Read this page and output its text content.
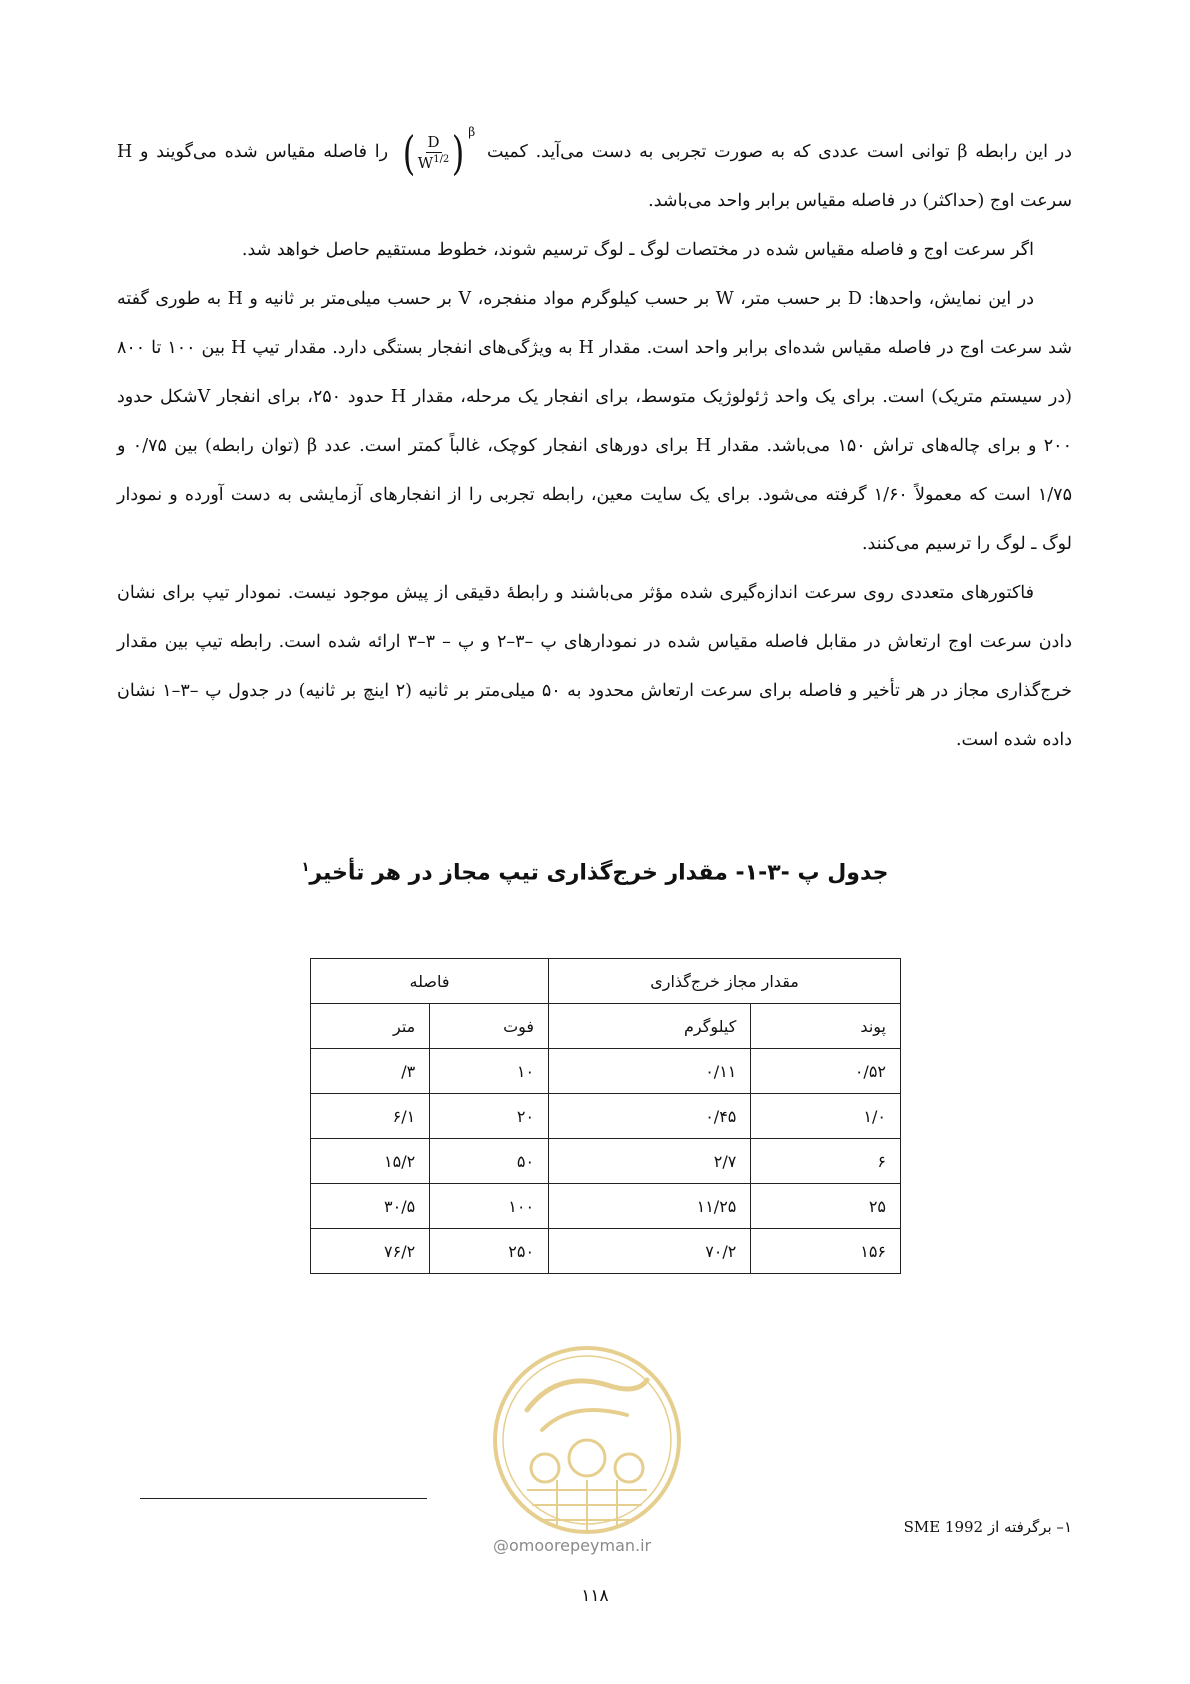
در این رابطه β توانی است عددی که به صورت تجربی به دست می‌آید. کمیت
( $\frac{D}{W^{1/2}}$ ) β
را فاصله مقیاس شده می‌گویند و H سرعت اوج (حداکثر) در فاصله مقیاس برابر واحد می‌باشد.

اگر سرعت اوج و فاصله مقیاس شده در مختصات لوگ ـ لوگ ترسیم شوند، خطوط مستقیم حاصل خواهد شد.

در این نمایش، واحدها: D بر حسب متر، W بر حسب کیلوگرم مواد منفجره، V بر حسب میلی‌متر بر ثانیه و H به طوری گفته شد سرعت اوج در فاصله مقیاس شده‌ای برابر واحد است. مقدار H به ویژگی‌های انفجار بستگی دارد. مقدار تیپ H بین ۱۰۰ تا ۸۰۰ (در سیستم متریک) است. برای یک واحد ژئولوژیک متوسط، برای انفجار یک مرحله، مقدار H حدود ۲۵۰، برای انفجار Vشکل حدود ۲۰۰ و برای چاله‌های تراش ۱۵۰ می‌باشد. مقدار H برای دورهای انفجار کوچک، غالباً کمتر است. عدد β (توان رابطه) بین ۰/۷۵ و ۱/۷۵ است که معمولاً ۱/۶۰ گرفته می‌شود. برای یک سایت معین، رابطه تجربی را از انفجارهای آزمایشی به دست آورده و نمودار لوگ ـ لوگ را ترسیم می‌کنند.

فاکتورهای متعددی روی سرعت اندازه‌گیری شده مؤثر می‌باشند و رابطهٔ دقیقی از پیش موجود نیست. نمودار تیپ برای نشان دادن سرعت اوج ارتعاش در مقابل فاصله مقیاس شده در نمودارهای پ –۳–۲ و پ – ۳–۳ ارائه شده است. رابطه تیپ بین مقدار خرج‌گذاری مجاز در هر تأخیر و فاصله برای سرعت ارتعاش محدود به ۵۰ میلی‌متر بر ثانیه (۲ اینچ بر ثانیه) در جدول پ –۳–۱ نشان داده شده است.

جدول پ -۳-۱- مقدار خرج‌گذاری تیپ مجاز در هر تأخیر$^۱$
مقدار مجاز خرج‌گذاری		فاصله	
پوند	کیلوگرم	فوت	متر
۰/۵۲	۰/۱۱	۱۰	۳/
۱/۰	۰/۴۵	۲۰	۶/۱
۶	۲/۷	۵۰	۱۵/۲
۲۵	۱۱/۲۵	۱۰۰	۳۰/۵
۱۵۶	۷۰/۲	۲۵۰	۷۶/۲
@omoorepeyman.ir
۱– برگرفته از SME 1992
۱۱۸
